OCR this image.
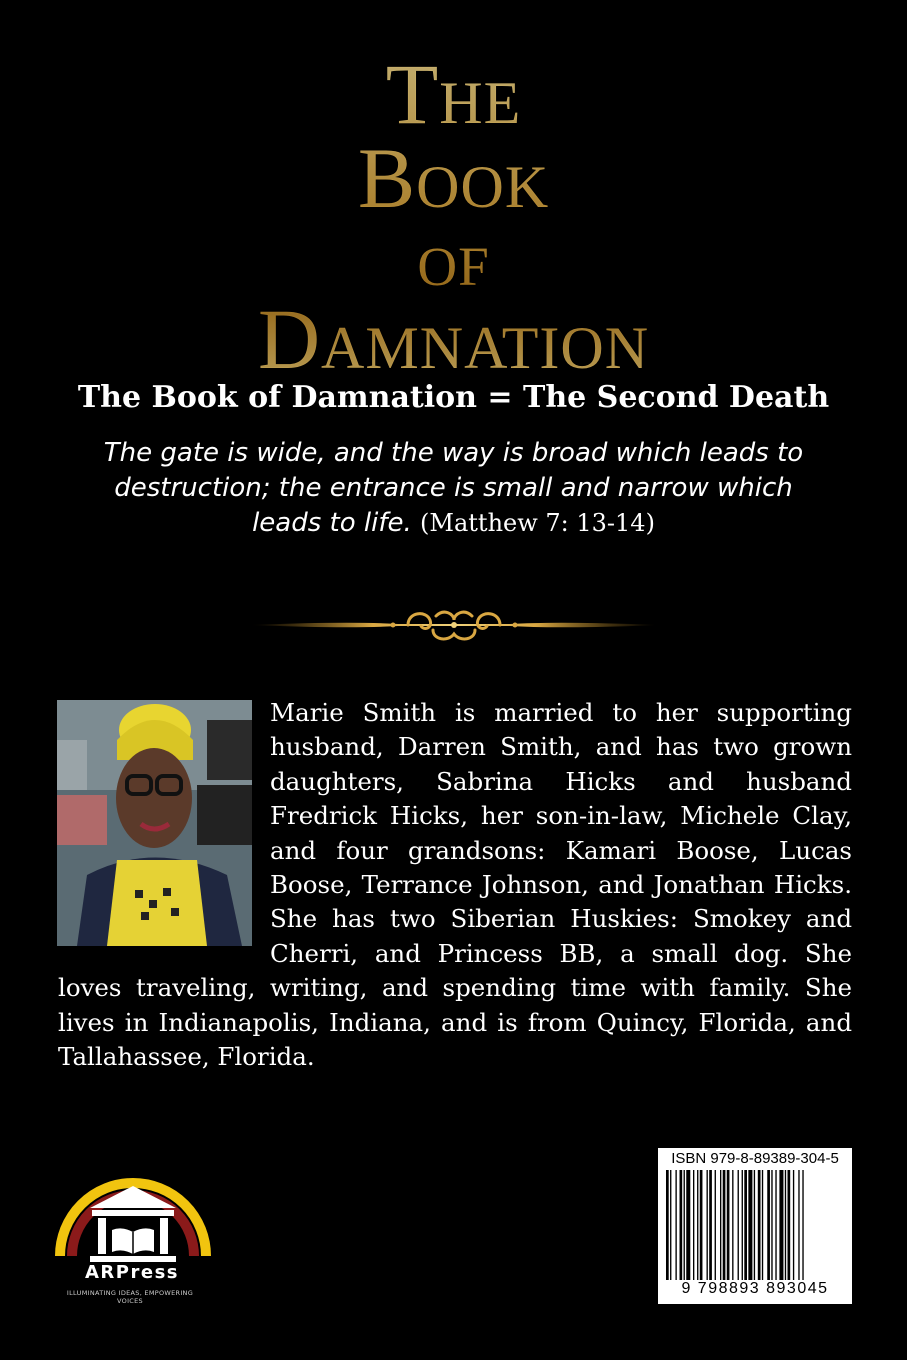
The
Book
of
Damnation
The Book of Damnation = The Second Death
The gate is wide, and the way is broad which leads to destruction; the entrance is small and narrow which leads to life. (Matthew 7: 13-14)

Marie Smith is married to her supporting husband, Darren Smith, and has two grown daughters, Sabrina Hicks and husband Fredrick Hicks, her son-in-law, Michele Clay, and four grandsons: Kamari Boose, Lucas Boose, Terrance Johnson, and Jonathan Hicks. She has two Siberian Huskies: Smokey and Cherri, and Princess BB, a small dog. She loves traveling, writing, and spending time with family. She lives in Indianapolis, Indiana, and is from Quincy, Florida, and Tallahassee, Florida.

ARPress
ILLUMINATING IDEAS, EMPOWERING VOICES
ISBN 979-8-89389-304-5
9 798893 893045
